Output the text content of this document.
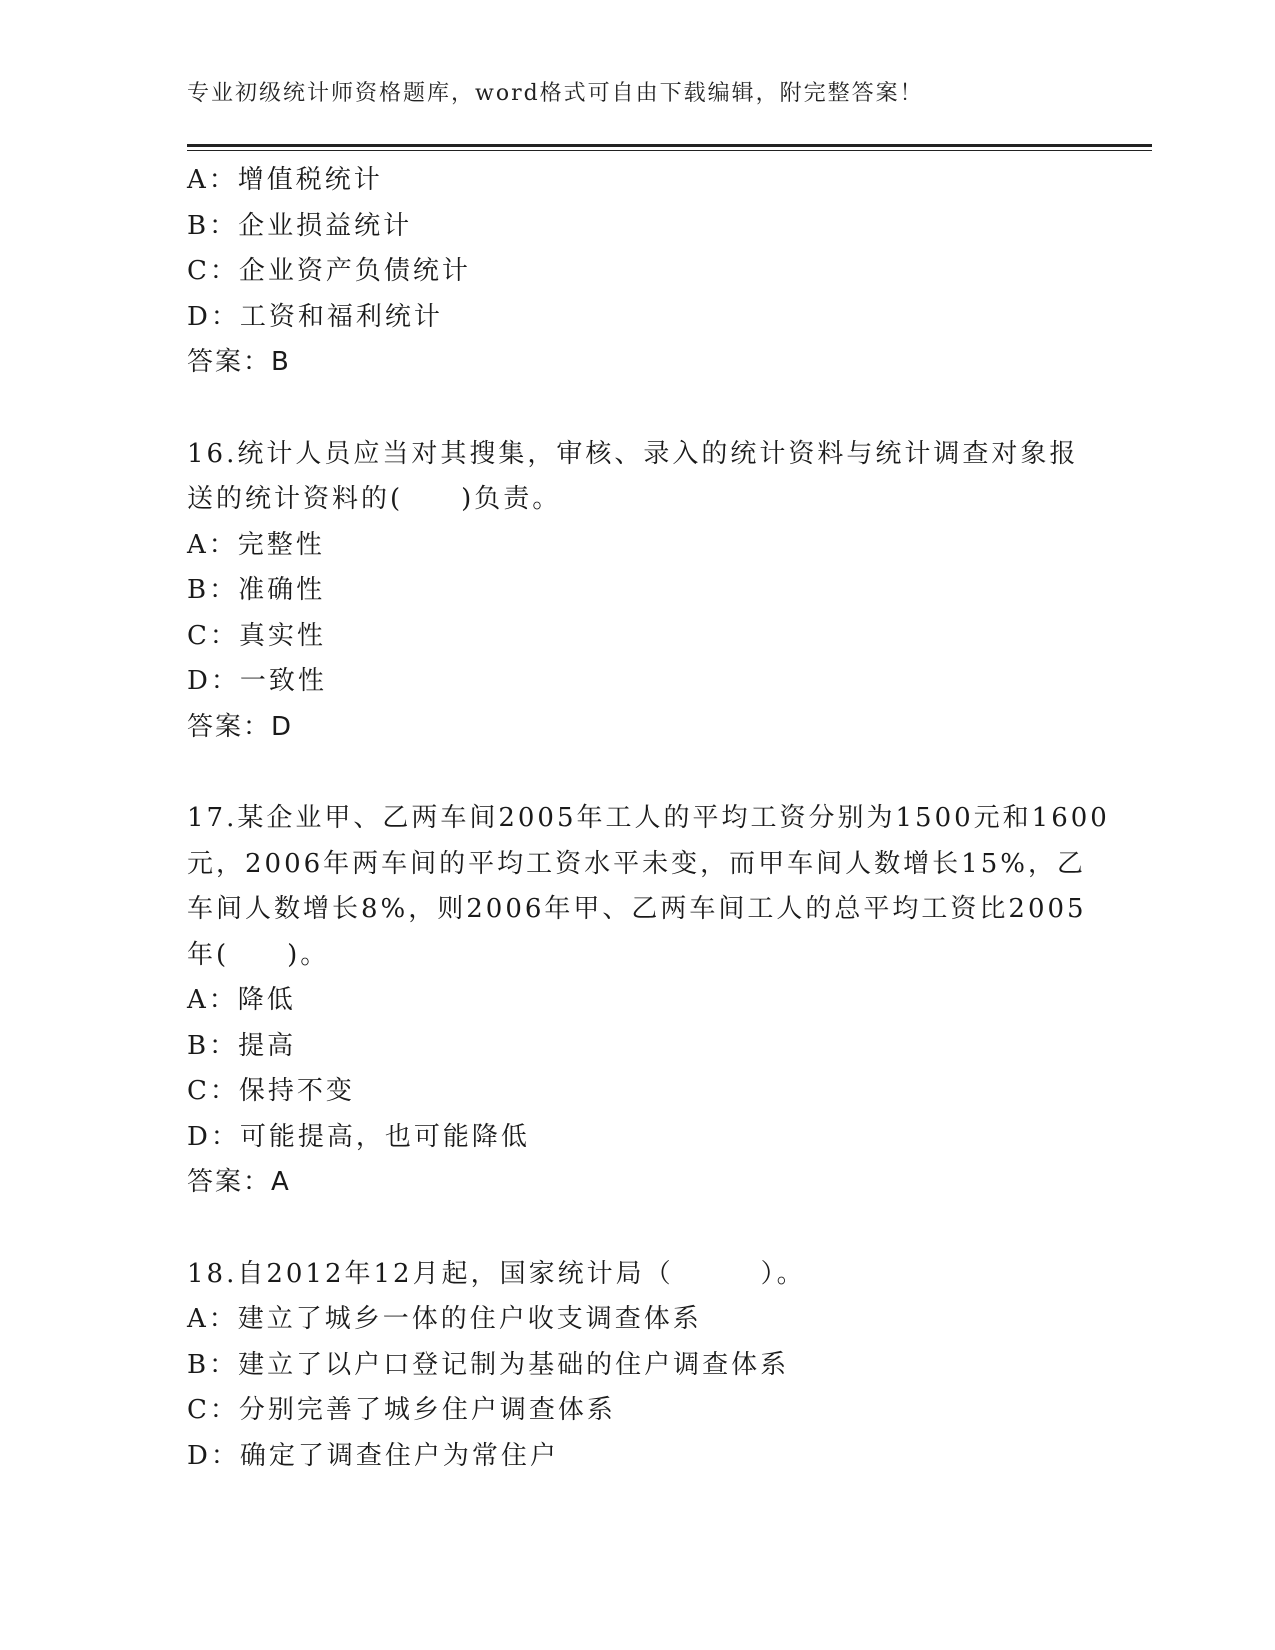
专业初级统计师资格题库，word格式可自由下载编辑，附完整答案！
A：增值税统计
B：企业损益统计
C：企业资产负债统计
D：工资和福利统计
答案：B
16.统计人员应当对其搜集，审核、录入的统计资料与统计调查对象报
送的统计资料的(　　)负责。
A：完整性
B：准确性
C：真实性
D：一致性
答案：D
17.某企业甲、乙两车间2005年工人的平均工资分别为1500元和1600
元，2006年两车间的平均工资水平未变，而甲车间人数增长15%，乙
车间人数增长8%，则2006年甲、乙两车间工人的总平均工资比2005
年(　　)。
A：降低
B：提高
C：保持不变
D：可能提高，也可能降低
答案：A
18.自2012年12月起，国家统计局（　　　）。
A：建立了城乡一体的住户收支调查体系
B：建立了以户口登记制为基础的住户调查体系
C：分别完善了城乡住户调查体系
D：确定了调查住户为常住户
